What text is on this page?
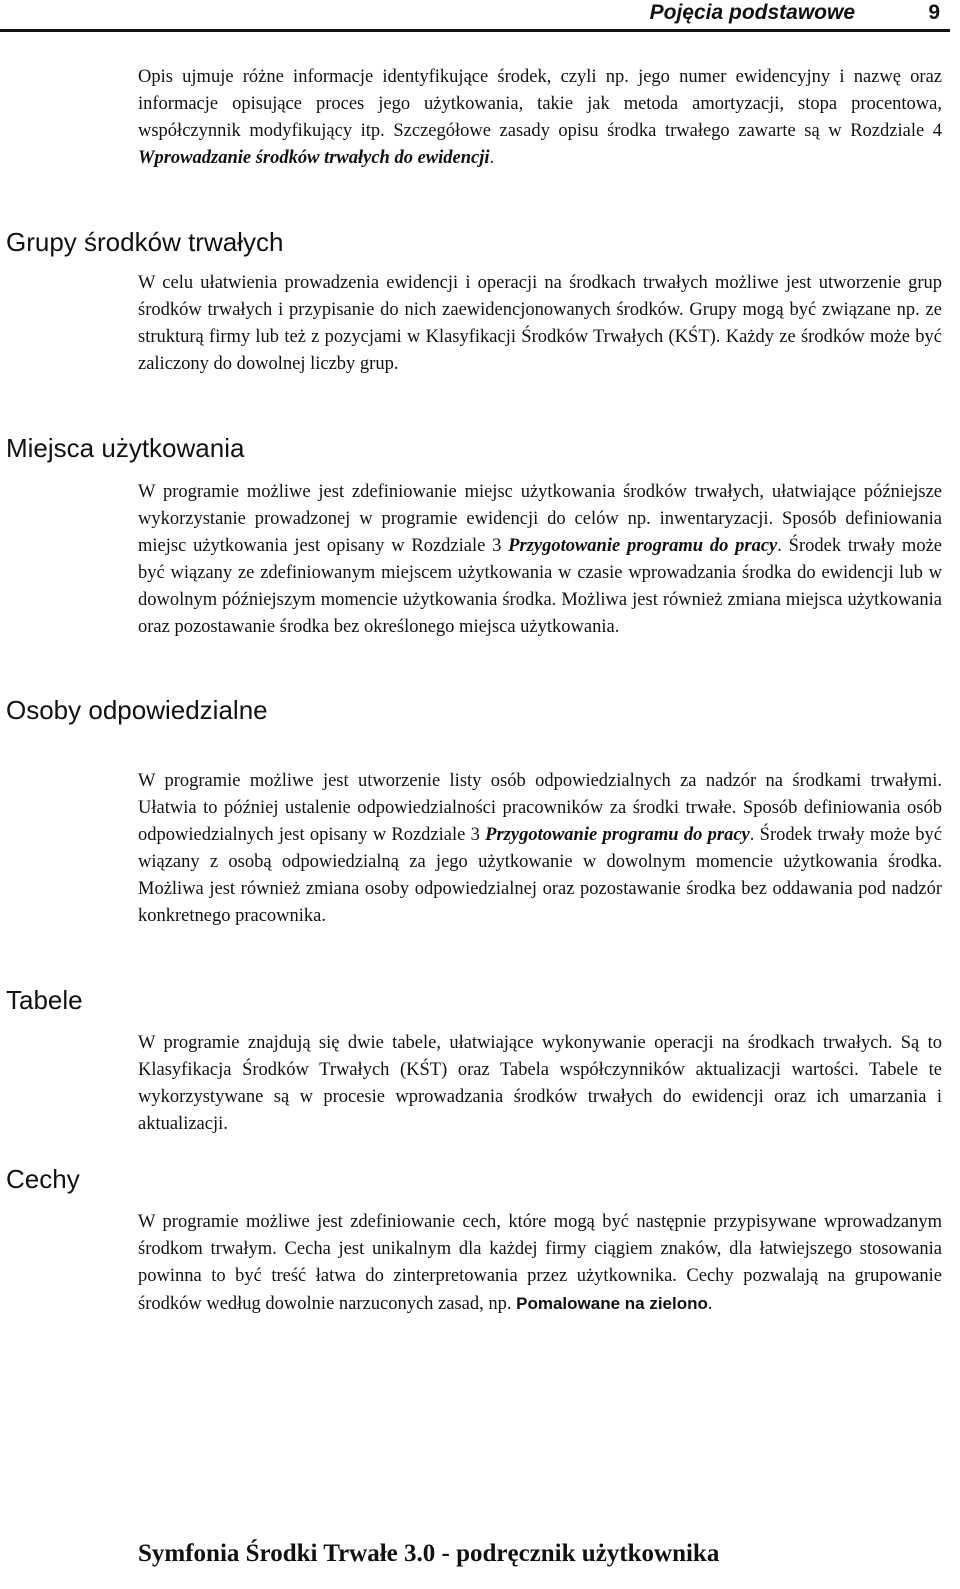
Pojęcia podstawowe	9

Opis ujmuje różne informacje identyfikujące środek, czyli np. jego numer ewidencyjny i nazwę oraz informacje opisujące proces jego użytkowania, takie jak metoda amortyzacji, stopa procentowa, współczynnik modyfikujący itp. Szczegółowe zasady opisu środka trwałego zawarte są w Rozdziale 4 Wprowadzanie środków trwałych do ewidencji.

Grupy środków trwałych

W celu ułatwienia prowadzenia ewidencji i operacji na środkach trwałych możliwe jest utworzenie grup środków trwałych i przypisanie do nich zaewidencjonowanych środków. Grupy mogą być związane np. ze strukturą firmy lub też z pozycjami w Klasyfikacji Środków Trwałych (KŚT). Każdy ze środków może być zaliczony do dowolnej liczby grup.

Miejsca użytkowania

W programie możliwe jest zdefiniowanie miejsc użytkowania środków trwałych, ułatwiające późniejsze wykorzystanie prowadzonej w programie ewidencji do celów np. inwentaryzacji. Sposób definiowania miejsc użytkowania jest opisany w Rozdziale 3 Przygotowanie programu do pracy. Środek trwały może być wiązany ze zdefiniowanym miejscem użytkowania w czasie wprowadzania środka do ewidencji lub w dowolnym późniejszym momencie użytkowania środka. Możliwa jest również zmiana miejsca użytkowania oraz pozostawanie środka bez określonego miejsca użytkowania.

Osoby odpowiedzialne

W programie możliwe jest utworzenie listy osób odpowiedzialnych za nadzór na środkami trwałymi. Ułatwia to później ustalenie odpowiedzialności pracowników za środki trwałe. Sposób definiowania osób odpowiedzialnych jest opisany w Rozdziale 3 Przygotowanie programu do pracy. Środek trwały może być wiązany z osobą odpowiedzialną za jego użytkowanie w dowolnym momencie użytkowania środka. Możliwa jest również zmiana osoby odpowiedzialnej oraz pozostawanie środka bez oddawania pod nadzór konkretnego pracownika.

Tabele

W programie znajdują się dwie tabele, ułatwiające wykonywanie operacji na środkach trwałych. Są to Klasyfikacja Środków Trwałych (KŚT) oraz Tabela współczynników aktualizacji wartości. Tabele te wykorzystywane są w procesie wprowadzania środków trwałych do ewidencji oraz ich umarzania i aktualizacji.

Cechy

W programie możliwe jest zdefiniowanie cech, które mogą być następnie przypisywane wprowadzanym środkom trwałym. Cecha jest unikalnym dla każdej firmy ciągiem znaków, dla łatwiejszego stosowania powinna to być treść łatwa do zinterpretowania przez użytkownika. Cechy pozwalają na grupowanie środków według dowolnie narzuconych zasad, np. Pomalowane na zielono.

Symfonia Środki Trwałe 3.0 - podręcznik użytkownika
